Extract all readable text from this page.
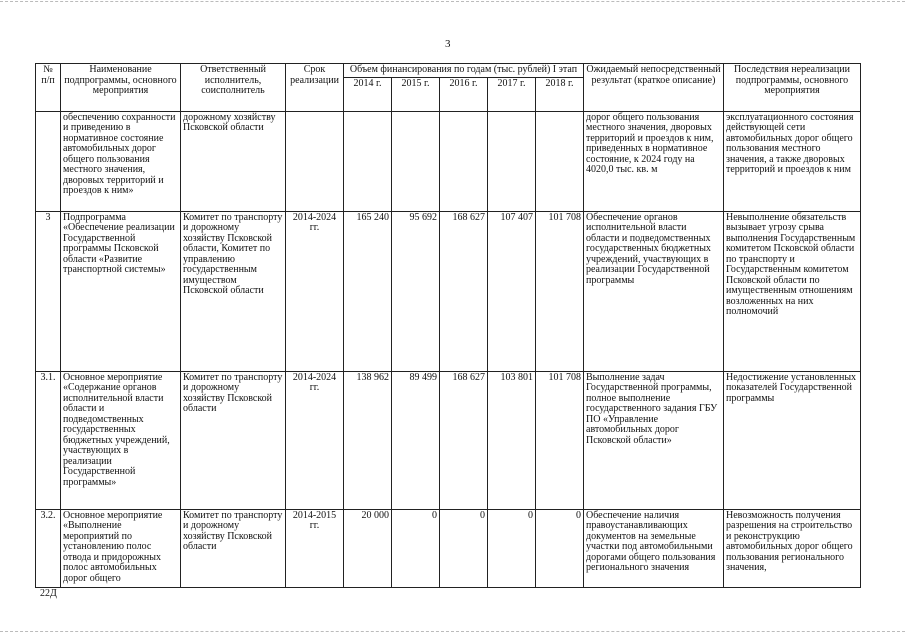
3
№ п/п	Наименование подпрограммы, основного мероприятия	Ответственный исполнитель, соисполнитель	Срок реализации	Объем финансирования по годам (тыс. рублей) I этап					Ожидаемый непосредственный результат (краткое описание)	Последствия нереализации подпрограммы, основного мероприятия
				2014 г.	2015 г.	2016 г.	2017 г.	2018 г.		
	обеспечению сохранности и приведению в нормативное состояние автомобильных дорог общего пользования местного значения, дворовых территорий и проездов к ним»	дорожному хозяйству Псковской области							дорог общего пользования местного значения, дворовых территорий и проездов к ним, приведенных в нормативное состояние, к 2024 году на 4020,0 тыс. кв. м	эксплуатационного состояния действующей сети автомобильных дорог общего пользования местного значения, а также дворовых территорий и проездов к ним
3	Подпрограмма «Обеспечение реализации Государственной программы Псковской области «Развитие транспортной системы»	Комитет по транспорту и дорожному хозяйству Псковской области, Комитет по управлению государственным имуществом Псковской области	2014-2024 гг.	165 240	95 692	168 627	107 407	101 708	Обеспечение органов исполнительной власти области и подведомственных государственных бюджетных учреждений, участвующих в реализации Государственной программы	Невыполнение обязательств вызывает угрозу срыва выполнения Государственным комитетом Псковской области по транспорту и Государственным комитетом Псковской области по имущественным отношениям возложенных на них полномочий
3.1.	Основное мероприятие «Содержание органов исполнительной власти области и подведомственных государственных бюджетных учреждений, участвующих в реализации Государственной программы»	Комитет по транспорту и дорожному хозяйству Псковской области	2014-2024 гг.	138 962	89 499	168 627	103 801	101 708	Выполнение задач Государственной программы, полное выполнение государственного задания ГБУ ПО «Управление автомобильных дорог Псковской области»	Недостижение установленных показателей Государственной программы
3.2.	Основное мероприятие «Выполнение мероприятий по установлению полос отвода и придорожных полос автомобильных дорог общего	Комитет по транспорту и дорожному хозяйству Псковской области	2014-2015 гг.	20 000	0	0	0	0	Обеспечение наличия правоустанавливающих документов на земельные участки под автомобильными дорогами общего пользования регионального значения	Невозможность получения разрешения на строительство и реконструкцию автомобильных дорог общего пользования регионального значения,
22Д
